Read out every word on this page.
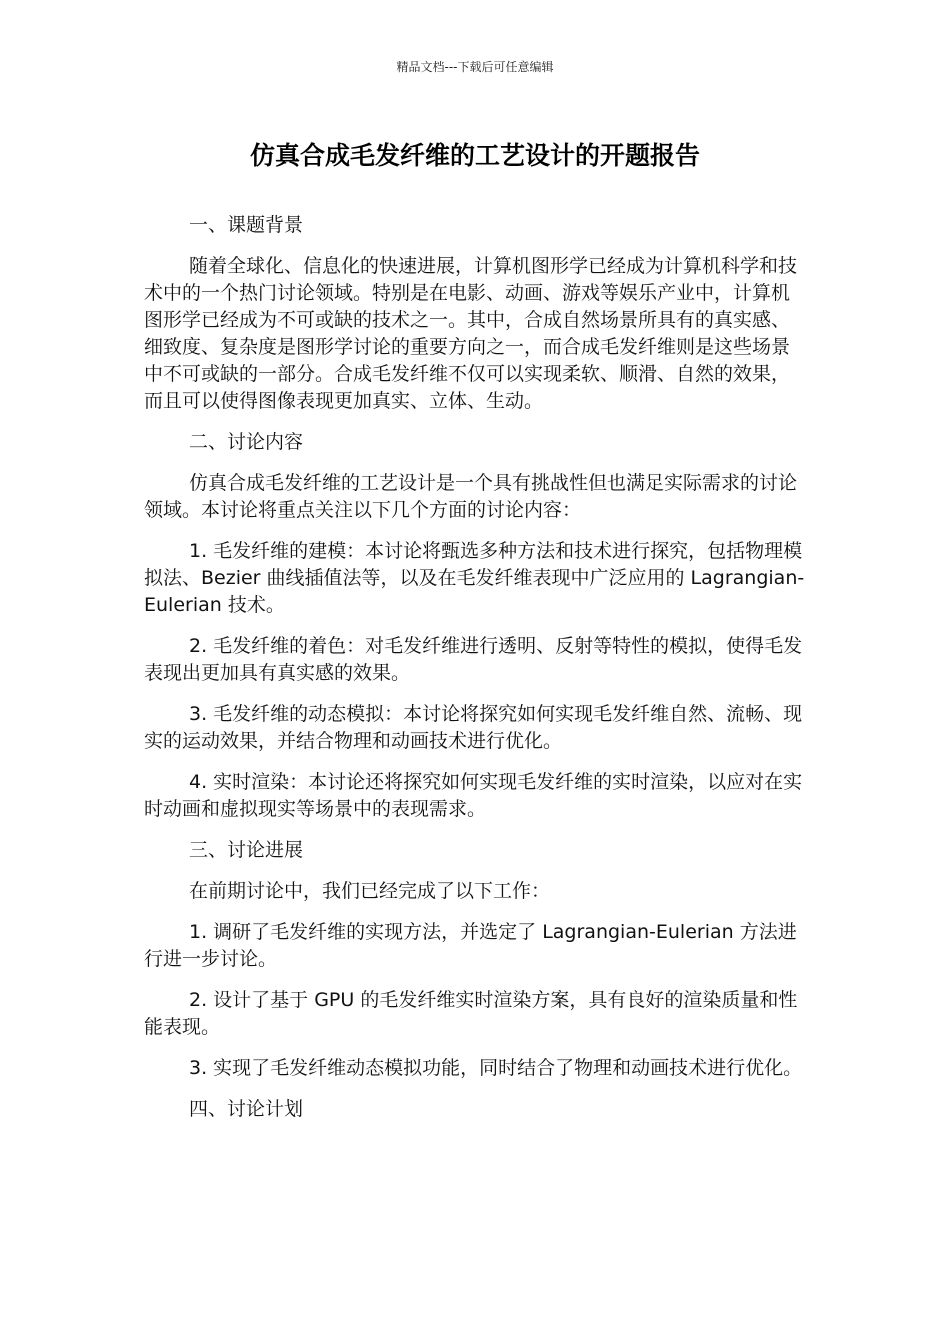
精品文档---下载后可任意编辑
仿真合成毛发纤维的工艺设计的开题报告

一、课题背景

随着全球化、信息化的快速进展，计算机图形学已经成为计算机科学和技术中的一个热门讨论领域。特别是在电影、动画、游戏等娱乐产业中，计算机图形学已经成为不可或缺的技术之一。其中，合成自然场景所具有的真实感、细致度、复杂度是图形学讨论的重要方向之一，而合成毛发纤维则是这些场景中不可或缺的一部分。合成毛发纤维不仅可以实现柔软、顺滑、自然的效果，而且可以使得图像表现更加真实、立体、生动。

二、讨论内容

仿真合成毛发纤维的工艺设计是一个具有挑战性但也满足实际需求的讨论领域。本讨论将重点关注以下几个方面的讨论内容：

1. 毛发纤维的建模：本讨论将甄选多种方法和技术进行探究，包括物理模拟法、Bezier 曲线插值法等，以及在毛发纤维表现中广泛应用的 Lagrangian-Eulerian 技术。

2. 毛发纤维的着色：对毛发纤维进行透明、反射等特性的模拟，使得毛发表现出更加具有真实感的效果。

3. 毛发纤维的动态模拟：本讨论将探究如何实现毛发纤维自然、流畅、现实的运动效果，并结合物理和动画技术进行优化。

4. 实时渲染：本讨论还将探究如何实现毛发纤维的实时渲染，以应对在实时动画和虚拟现实等场景中的表现需求。

三、讨论进展

在前期讨论中，我们已经完成了以下工作：

1. 调研了毛发纤维的实现方法，并选定了 Lagrangian-Eulerian 方法进行进一步讨论。

2. 设计了基于 GPU 的毛发纤维实时渲染方案，具有良好的渲染质量和性能表现。

3. 实现了毛发纤维动态模拟功能，同时结合了物理和动画技术进行优化。

四、讨论计划
